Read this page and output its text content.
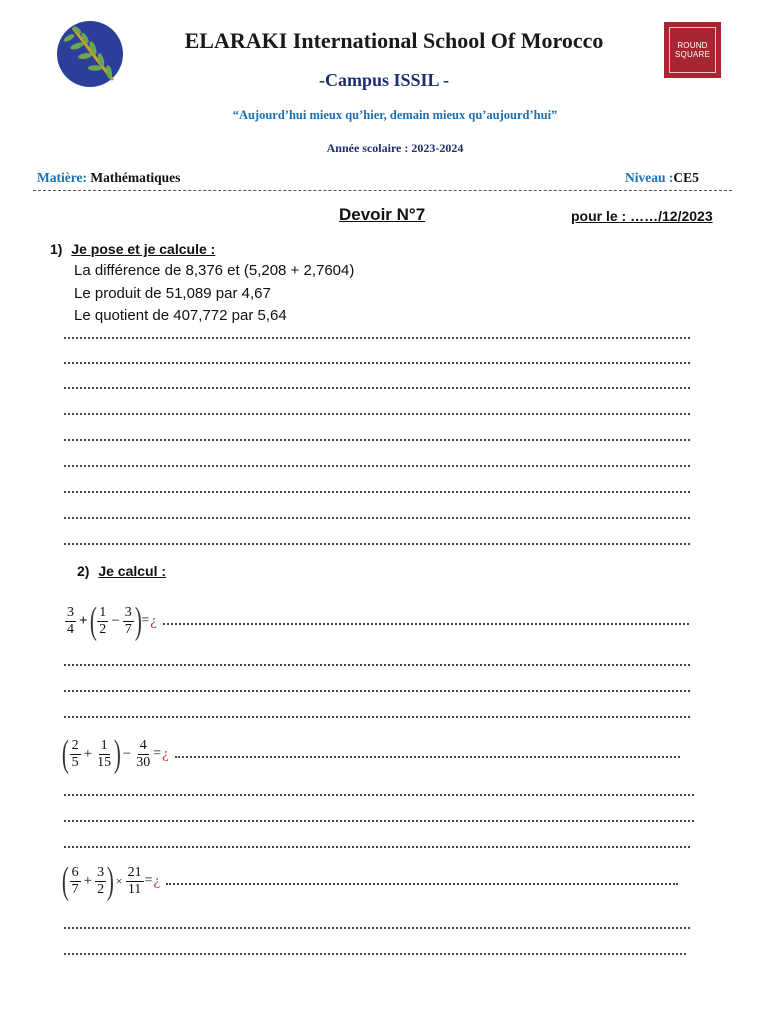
ELARAKI International School Of Morocco	ROUND
SQUARE
-Campus ISSIL -
“Aujourd’hui mieux qu’hier, demain mieux qu’aujourd’hui”
Année scolaire : 2023-2024
Matière: Mathématiques	Niveau :CE5
Devoir N°7	pour le : ……/12/2023
1) Je pose et je calcule :
La différence de 8,376 et (5,208 + 2,7604)
Le produit de 51,089 par 4,67
Le quotient de 407,772 par 5,64
2) Je calcul :
$\frac{3}{4}$ + ( $\frac{1}{2} - \frac{3}{7}$ ) = ¿
( $\frac{2}{5} + \frac{1}{15}$ ) − $\frac{4}{30}$ = ¿
( $\frac{6}{7} + \frac{3}{2}$ ) × $\frac{21}{11}$ = ¿
